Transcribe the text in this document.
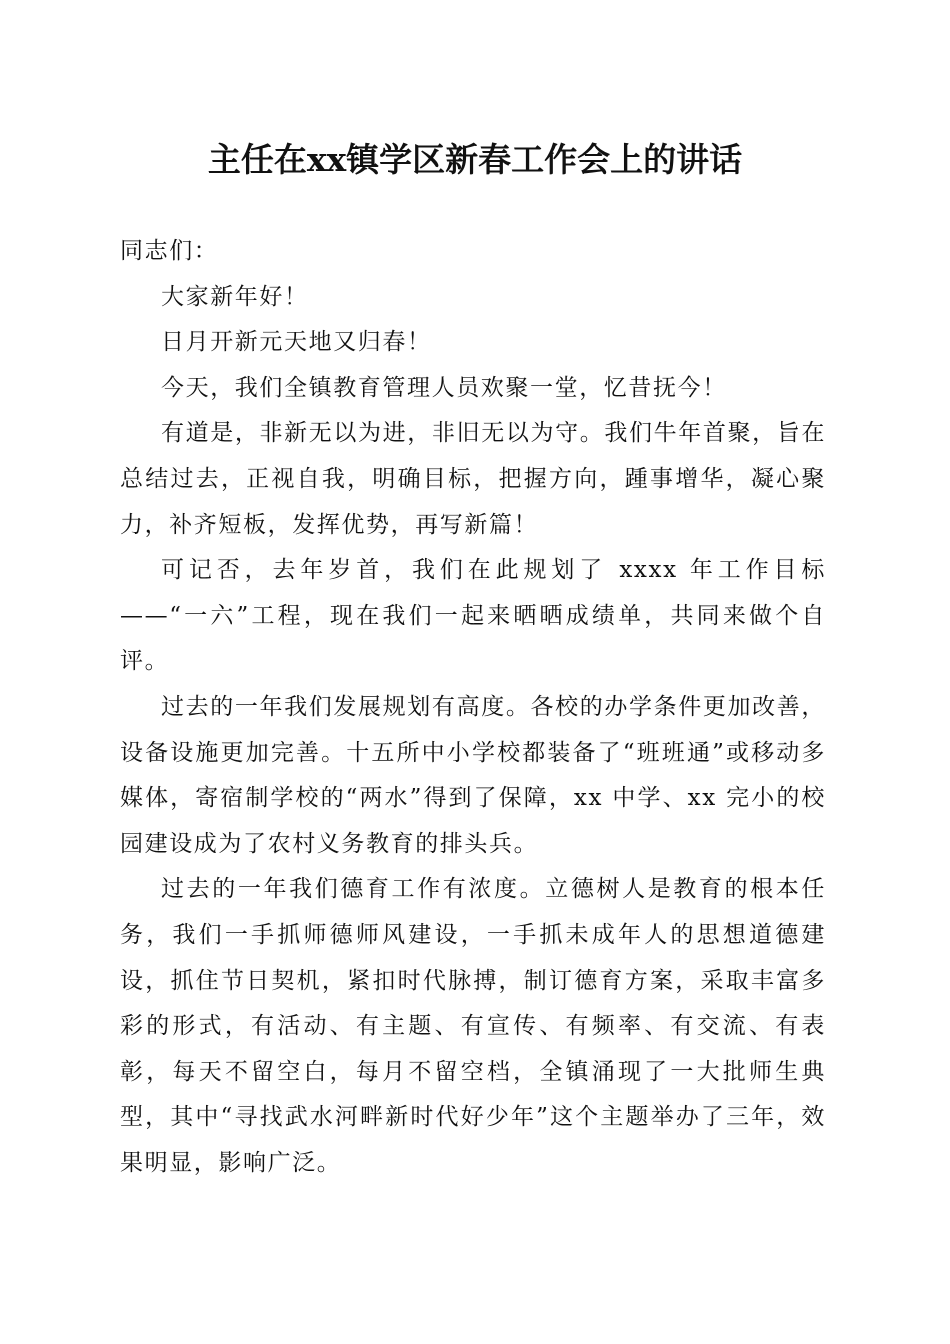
主任在xx镇学区新春工作会上的讲话

同志们：

大家新年好！

日月开新元天地又归春！

今天，我们全镇教育管理人员欢聚一堂，忆昔抚今！

有道是，非新无以为进，非旧无以为守。我们牛年首聚，旨在总结过去，正视自我，明确目标，把握方向，踵事增华，凝心聚力，补齐短板，发挥优势，再写新篇！

可记否，去年岁首，我们在此规划了 xxxx 年工作目标——“一六”工程，现在我们一起来晒晒成绩单，共同来做个自评。

过去的一年我们发展规划有高度。各校的办学条件更加改善，设备设施更加完善。十五所中小学校都装备了“班班通”或移动多媒体，寄宿制学校的“两水”得到了保障，xx 中学、xx 完小的校园建设成为了农村义务教育的排头兵。

过去的一年我们德育工作有浓度。立德树人是教育的根本任务，我们一手抓师德师风建设，一手抓未成年人的思想道德建设，抓住节日契机，紧扣时代脉搏，制订德育方案，采取丰富多彩的形式，有活动、有主题、有宣传、有频率、有交流、有表彰，每天不留空白，每月不留空档，全镇涌现了一大批师生典型，其中“寻找武水河畔新时代好少年”这个主题举办了三年，效果明显，影响广泛。
